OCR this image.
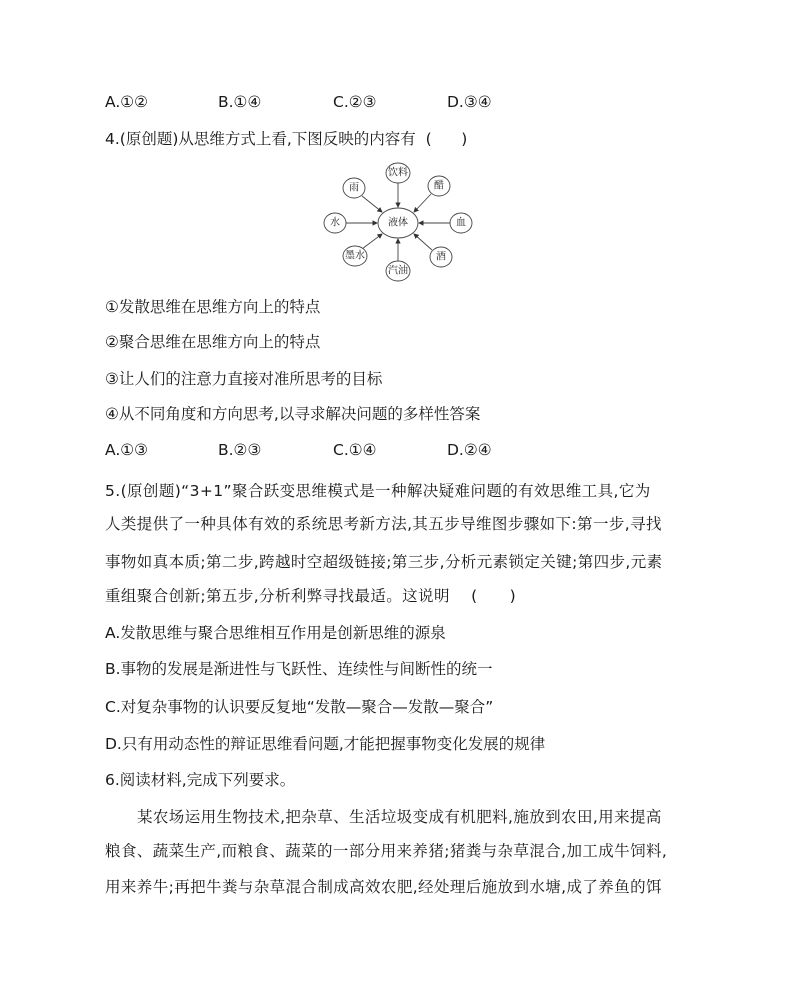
A.①②	B.①④	C.②③	D.③④
4.(原创题)从思维方式上看,下图反映的内容有  (      )
液体
饮料
醋
血
酒
汽油
墨水
水
雨
①发散思维在思维方向上的特点
②聚合思维在思维方向上的特点
③让人们的注意力直接对准所思考的目标
④从不同角度和方向思考,以寻求解决问题的多样性答案
A.①③	B.②③	C.①④	D.②④
5.(原创题)“3+1”聚合跃变思维模式是一种解决疑难问题的有效思维工具,它为
人类提供了一种具体有效的系统思考新方法,其五步导维图步骤如下:第一步,寻找
事物如真本质;第二步,跨越时空超级链接;第三步,分析元素锁定关键;第四步,元素
重组聚合创新;第五步,分析利弊寻找最适。这说明    (      )
A.发散思维与聚合思维相互作用是创新思维的源泉
B.事物的发展是渐进性与飞跃性、连续性与间断性的统一
C.对复杂事物的认识要反复地“发散—聚合—发散—聚合”
D.只有用动态性的辩证思维看问题,才能把握事物变化发展的规律
6.阅读材料,完成下列要求。
某农场运用生物技术,把杂草、生活垃圾变成有机肥料,施放到农田,用来提高
粮食、蔬菜生产,而粮食、蔬菜的一部分用来养猪;猪粪与杂草混合,加工成牛饲料,
用来养牛;再把牛粪与杂草混合制成高效农肥,经处理后施放到水塘,成了养鱼的饵
